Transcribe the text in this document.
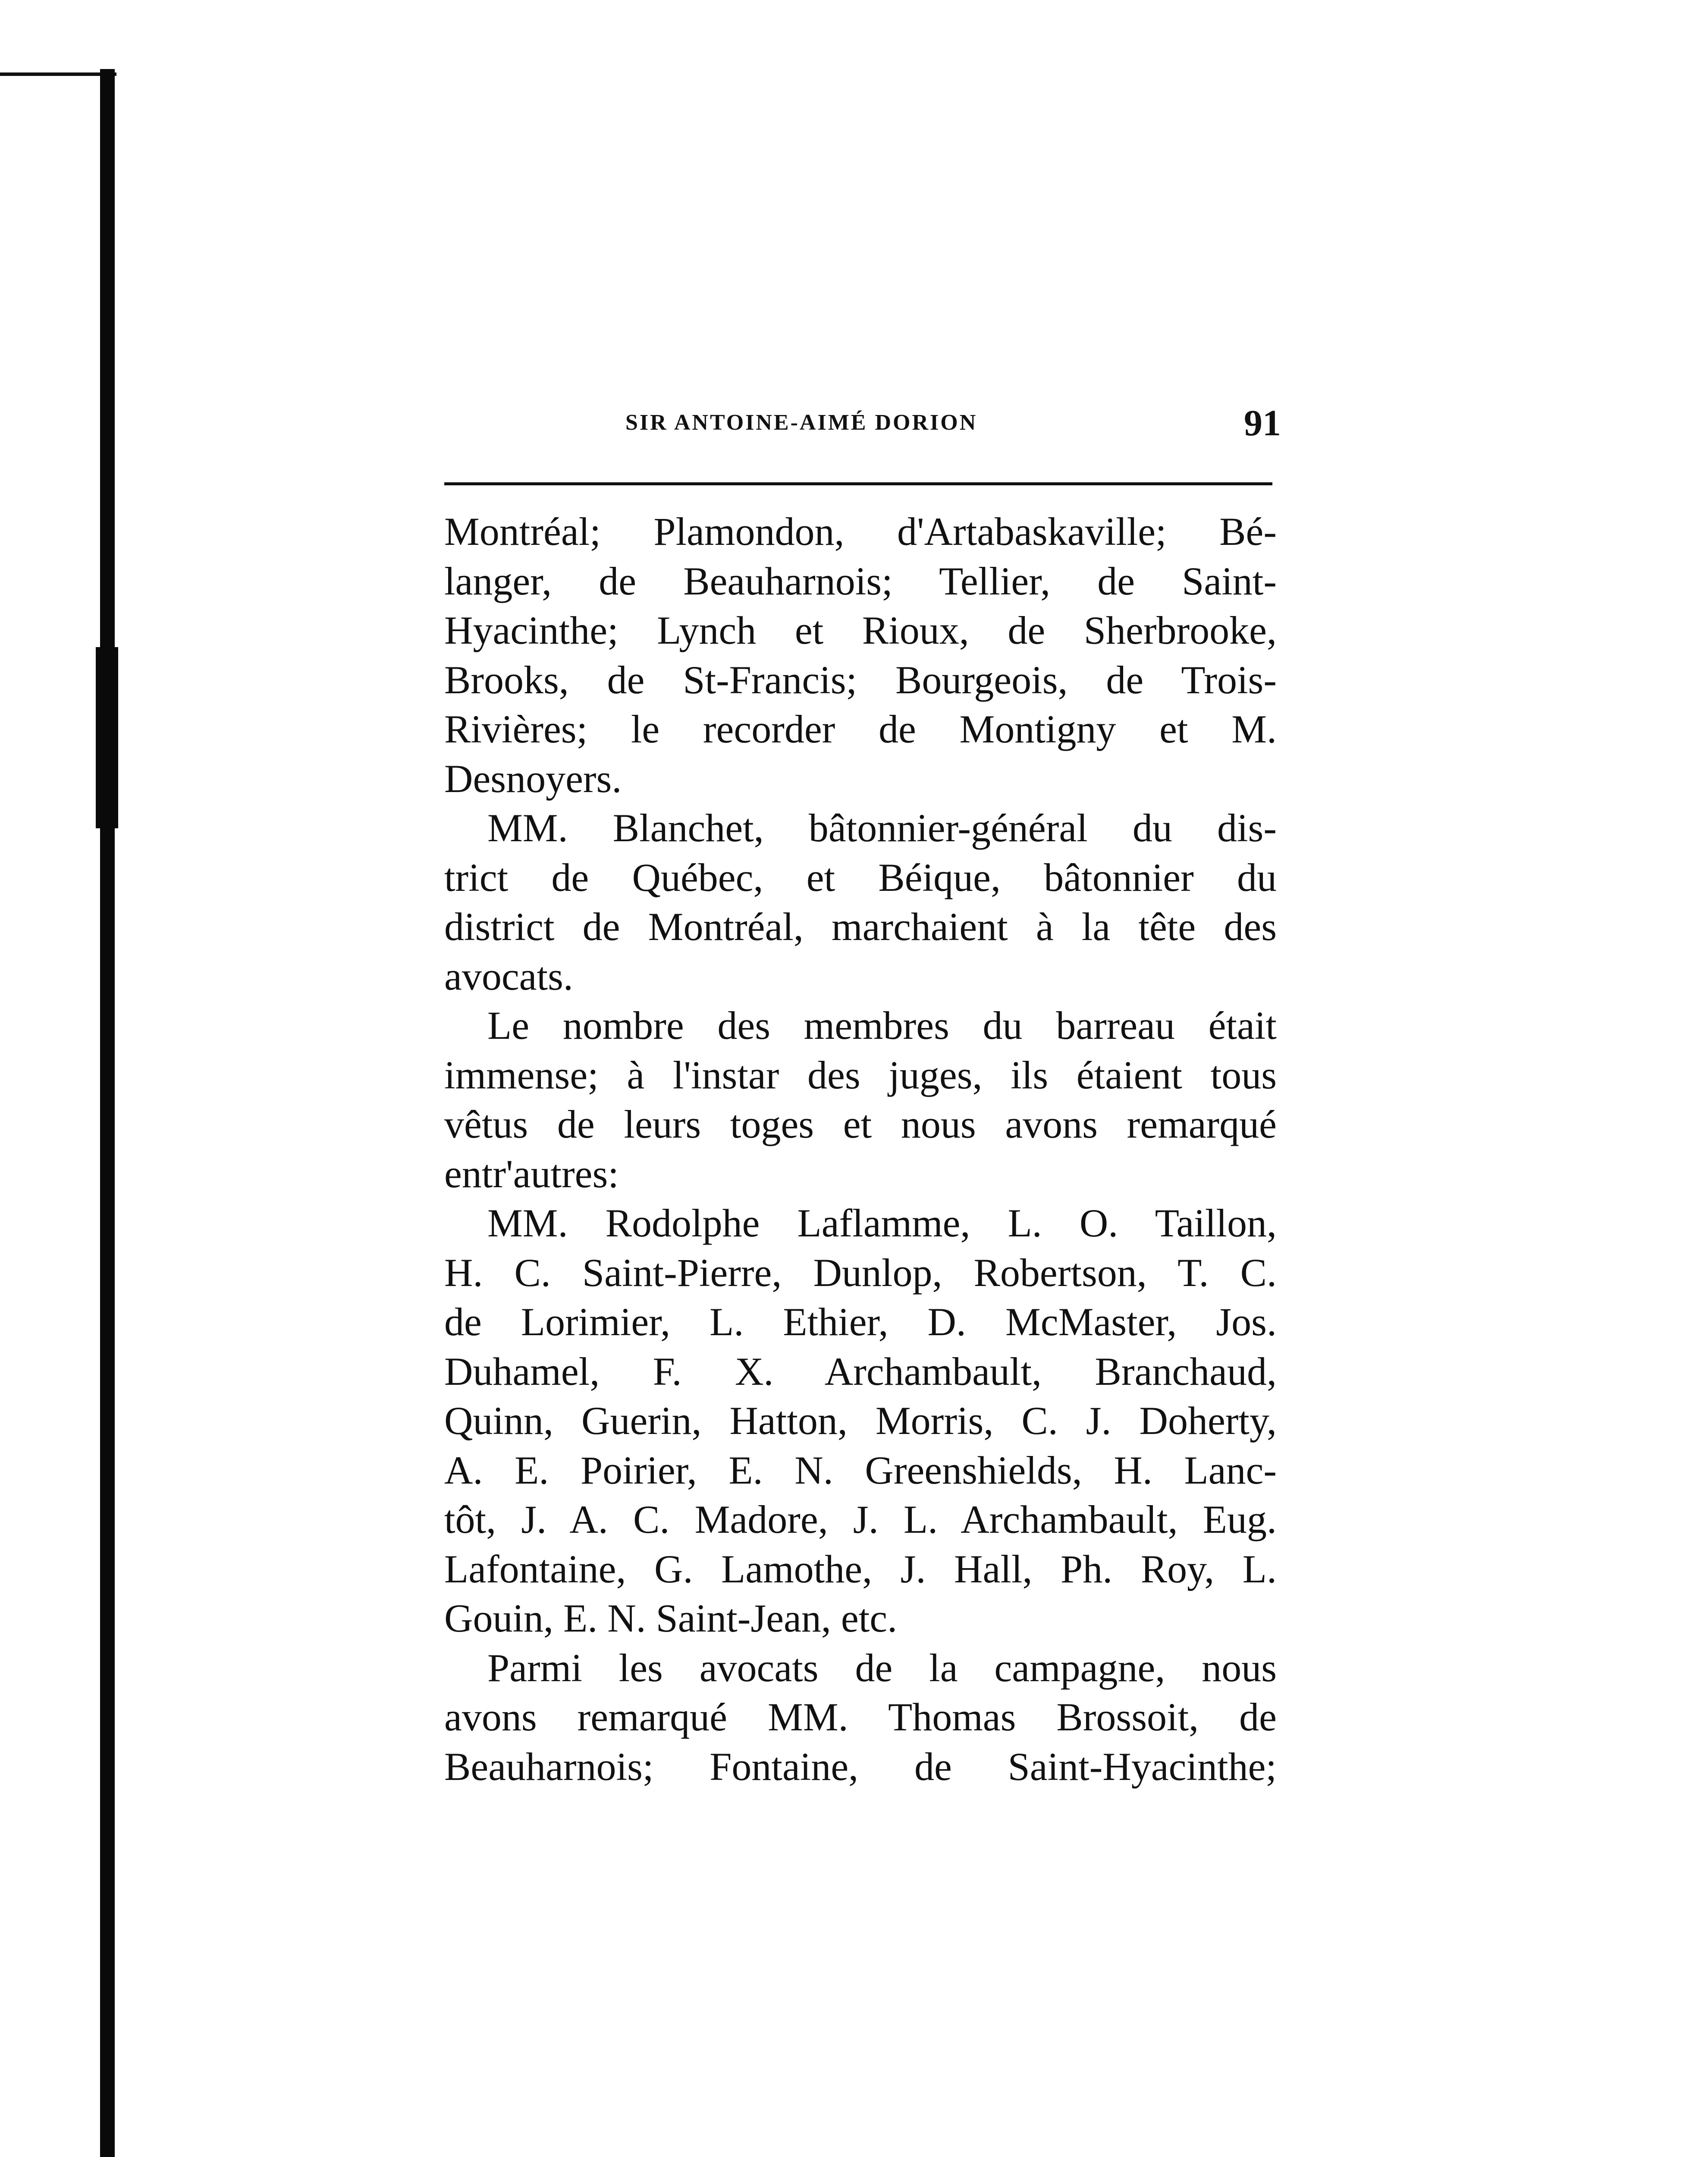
SIR ANTOINE-AIMÉ DORION	91
Montréal; Plamondon, d'Artabaskaville; Bé-
langer, de Beauharnois; Tellier, de Saint-
Hyacinthe; Lynch et Rioux, de Sherbrooke,
Brooks, de St-Francis; Bourgeois, de Trois-
Rivières; le recorder de Montigny et M.
Desnoyers.
MM. Blanchet, bâtonnier-général du dis-
trict de Québec, et Béique, bâtonnier du
district de Montréal, marchaient à la tête des
avocats.
Le nombre des membres du barreau était
immense; à l'instar des juges, ils étaient tous
vêtus de leurs toges et nous avons remarqué
entr'autres:
MM. Rodolphe Laflamme, L. O. Taillon,
H. C. Saint-Pierre, Dunlop, Robertson, T. C.
de Lorimier, L. Ethier, D. McMaster, Jos.
Duhamel, F. X. Archambault, Branchaud,
Quinn, Guerin, Hatton, Morris, C. J. Doherty,
A. E. Poirier, E. N. Greenshields, H. Lanc-
tôt, J. A. C. Madore, J. L. Archambault, Eug.
Lafontaine, G. Lamothe, J. Hall, Ph. Roy, L.
Gouin, E. N. Saint-Jean, etc.
Parmi les avocats de la campagne, nous
avons remarqué MM. Thomas Brossoit, de
Beauharnois; Fontaine, de Saint-Hyacinthe;
